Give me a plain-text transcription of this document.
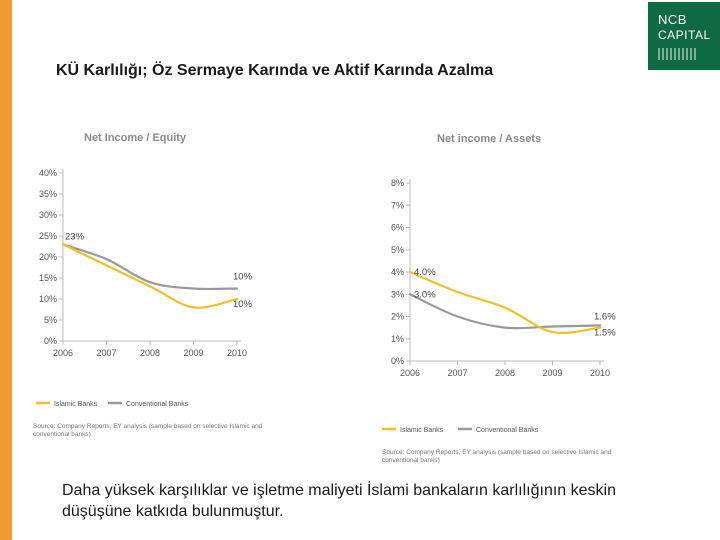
NCB
CAPITAL
KÜ Karlılığı; Öz Sermaye Karında ve Aktif Karında Azalma
Net Income / Equity
0%
5%
10%
15%
20%
25%
30%
35%
40%
2006	2007	2008	2009	2010
23%
10%
10%
Islamic Banks	Conventional Banks
Source: Company Reports, EY analysis (sample based on selective Islamic and conventional banks)
Net income / Assets
0%
1%
2%
3%
4%
5%
6%
7%
8%
2006	2007	2008	2009	2010
4.0%
3.0%
1.6%
1.5%
Islamic Banks	Conventional Banks
Source: Company Reports, EY analysis (sample based on selective Islamic and conventional banks)
Daha yüksek karşılıklar ve işletme maliyeti İslami bankaların karlılığının keskin düşüşüne katkıda bulunmuştur.
